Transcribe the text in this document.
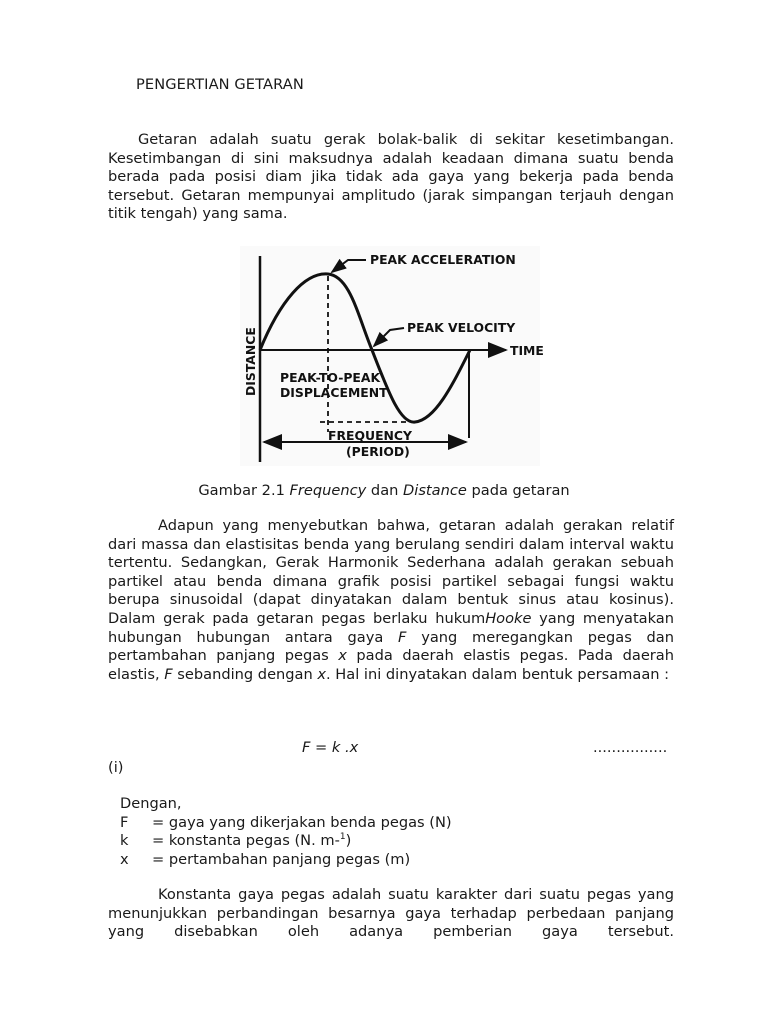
PENGERTIAN GETARAN

Getaran adalah suatu gerak bolak-balik di sekitar kesetimbangan. Kesetimbangan di sini maksudnya adalah keadaan dimana suatu benda berada pada posisi diam jika tidak ada gaya yang bekerja pada benda tersebut. Getaran mempunyai amplitudo (jarak simpangan terjauh dengan titik tengah) yang sama.

PEAK ACCELERATION
PEAK VELOCITY
TIME
DISTANCE PEAK-TO-PEAK
DISPLACEMENT
FREQUENCY
(PERIOD)
Gambar 2.1 Frequency dan Distance pada getaran

Adapun yang menyebutkan bahwa, getaran adalah gerakan relatif dari massa dan elastisitas benda yang berulang sendiri dalam interval waktu tertentu. Sedangkan, Gerak Harmonik Sederhana adalah gerakan sebuah partikel atau benda dimana grafik posisi partikel sebagai fungsi waktu berupa sinusoidal (dapat dinyatakan dalam bentuk sinus atau kosinus). Dalam gerak pada getaran pegas berlaku hukumHooke yang menyatakan hubungan hubungan antara gaya F yang meregangkan pegas dan pertambahan panjang pegas x pada daerah elastis pegas. Pada daerah elastis, F sebanding dengan x. Hal ini dinyatakan dalam bentuk persamaan :

F = k .x	................
(i)
Dengan,
F	= gaya yang dikerjakan benda pegas (N)
k	= konstanta pegas (N. m-$^1$)
x	= pertambahan panjang pegas (m)

Konstanta gaya pegas adalah suatu karakter dari suatu pegas yang menunjukkan perbandingan besarnya gaya terhadap perbedaan panjang yang disebabkan oleh adanya pemberian gaya tersebut.
